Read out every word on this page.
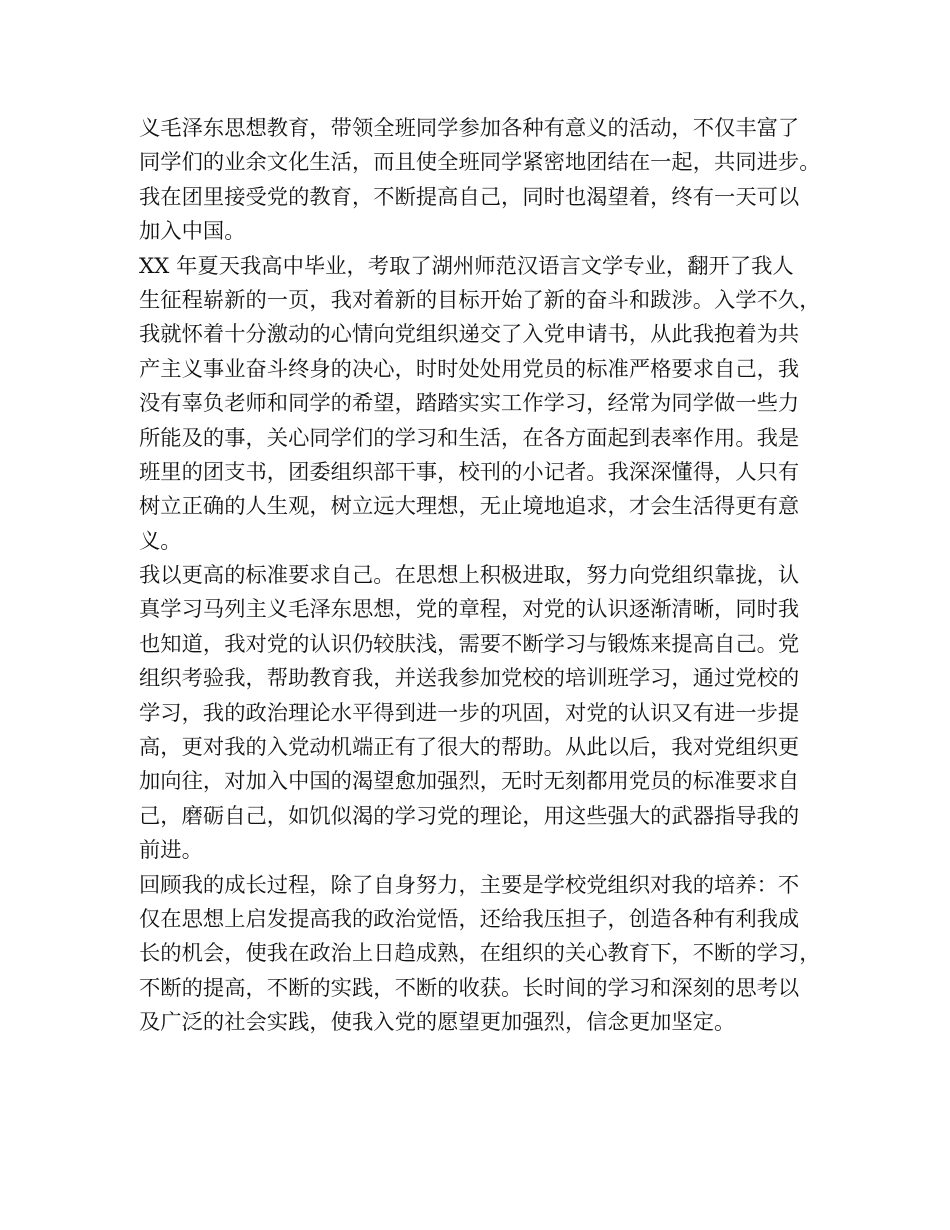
义毛泽东思想教育，带领全班同学参加各种有意义的活动，不仅丰富了
同学们的业余文化生活，而且使全班同学紧密地团结在一起，共同进步。
我在团里接受党的教育，不断提高自己，同时也渴望着，终有一天可以
加入中国。
XX 年夏天我高中毕业，考取了湖州师范汉语言文学专业，翻开了我人
生征程崭新的一页，我对着新的目标开始了新的奋斗和跋涉。入学不久，
我就怀着十分激动的心情向党组织递交了入党申请书，从此我抱着为共
产主义事业奋斗终身的决心，时时处处用党员的标准严格要求自己，我
没有辜负老师和同学的希望，踏踏实实工作学习，经常为同学做一些力
所能及的事，关心同学们的学习和生活，在各方面起到表率作用。我是
班里的团支书，团委组织部干事，校刊的小记者。我深深懂得，人只有
树立正确的人生观，树立远大理想，无止境地追求，才会生活得更有意
义。
我以更高的标准要求自己。在思想上积极进取，努力向党组织靠拢，认
真学习马列主义毛泽东思想，党的章程，对党的认识逐渐清晰，同时我
也知道，我对党的认识仍较肤浅，需要不断学习与锻炼来提高自己。党
组织考验我，帮助教育我，并送我参加党校的培训班学习，通过党校的
学习，我的政治理论水平得到进一步的巩固，对党的认识又有进一步提
高，更对我的入党动机端正有了很大的帮助。从此以后，我对党组织更
加向往，对加入中国的渴望愈加强烈，无时无刻都用党员的标准要求自
己，磨砺自己，如饥似渴的学习党的理论，用这些强大的武器指导我的
前进。
回顾我的成长过程，除了自身努力，主要是学校党组织对我的培养：不
仅在思想上启发提高我的政治觉悟，还给我压担子，创造各种有利我成
长的机会，使我在政治上日趋成熟，在组织的关心教育下，不断的学习，
不断的提高，不断的实践，不断的收获。长时间的学习和深刻的思考以
及广泛的社会实践，使我入党的愿望更加强烈，信念更加坚定。
